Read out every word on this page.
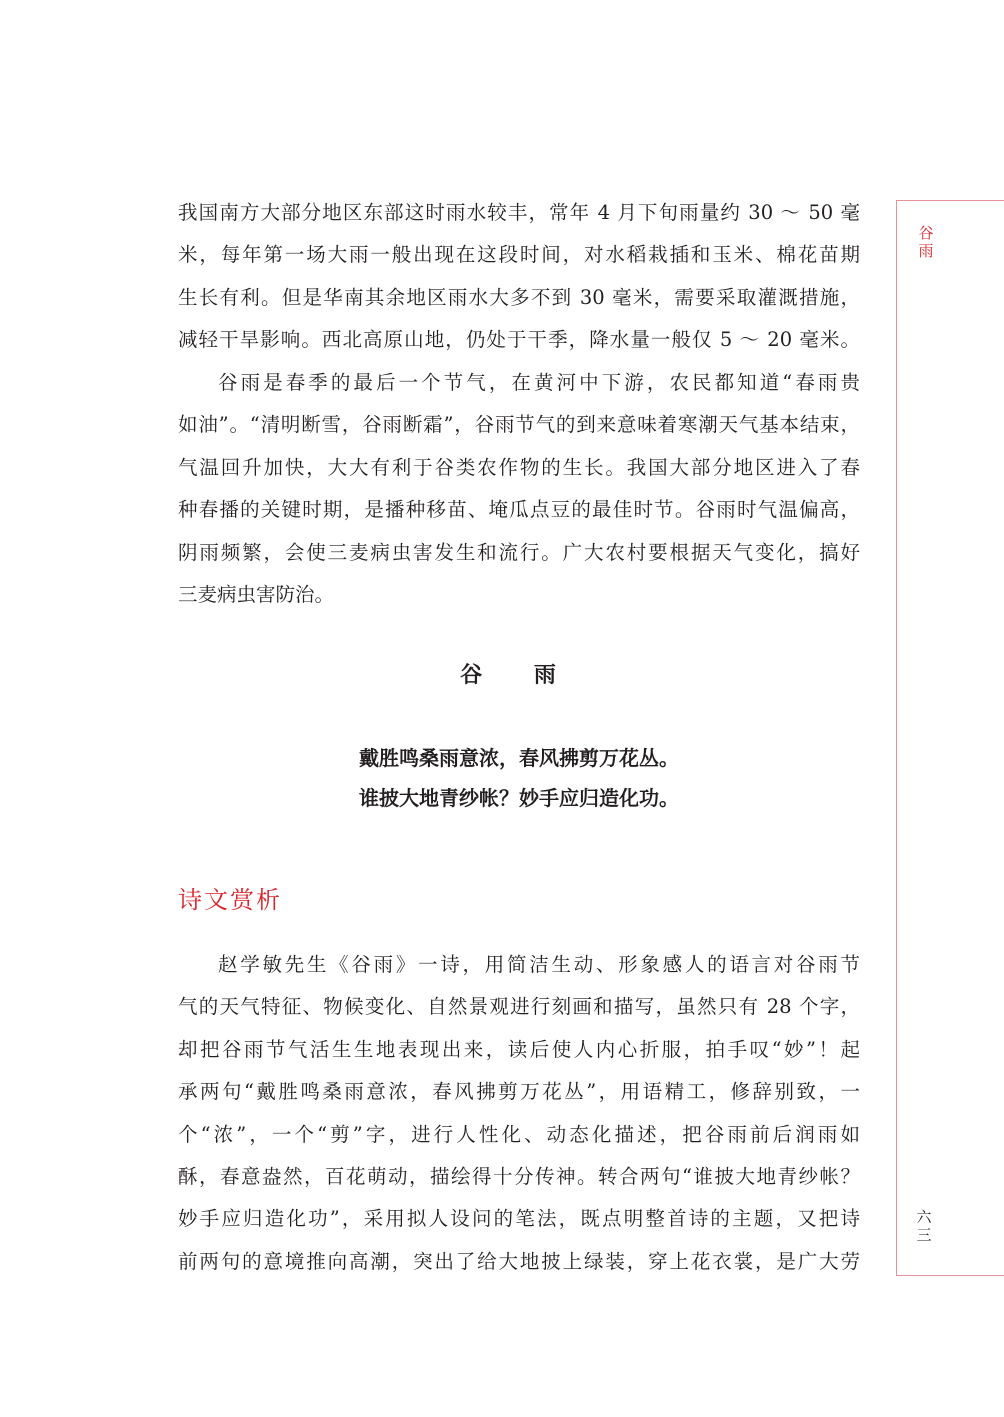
谷
雨
六
三
我国南方大部分地区东部这时雨水较丰，常年 4 月下旬雨量约 30 ～ 50 毫
米，每年第一场大雨一般出现在这段时间，对水稻栽插和玉米、棉花苗期
生长有利。但是华南其余地区雨水大多不到 30 毫米，需要采取灌溉措施，
减轻干旱影响。西北高原山地，仍处于干季，降水量一般仅 5 ～ 20 毫米。
谷雨是春季的最后一个节气，在黄河中下游，农民都知道“春雨贵
如油”。“清明断雪，谷雨断霜”，谷雨节气的到来意味着寒潮天气基本结束，
气温回升加快，大大有利于谷类农作物的生长。我国大部分地区进入了春
种春播的关键时期，是播种移苗、埯瓜点豆的最佳时节。谷雨时气温偏高，
阴雨频繁，会使三麦病虫害发生和流行。广大农村要根据天气变化，搞好
三麦病虫害防治。
谷 雨
戴胜鸣桑雨意浓，春风拂剪万花丛。
谁披大地青纱帐？妙手应归造化功。
诗文赏析
赵学敏先生《谷雨》一诗，用简洁生动、形象感人的语言对谷雨节
气的天气特征、物候变化、自然景观进行刻画和描写，虽然只有 28 个字，
却把谷雨节气活生生地表现出来，读后使人内心折服，拍手叹“妙”！起
承两句“戴胜鸣桑雨意浓，春风拂剪万花丛”，用语精工，修辞别致，一
个“浓”，一个“剪”字，进行人性化、动态化描述，把谷雨前后润雨如
酥，春意盎然，百花萌动，描绘得十分传神。转合两句“谁披大地青纱帐？
妙手应归造化功”，采用拟人设问的笔法，既点明整首诗的主题，又把诗
前两句的意境推向高潮，突出了给大地披上绿装，穿上花衣裳，是广大劳
